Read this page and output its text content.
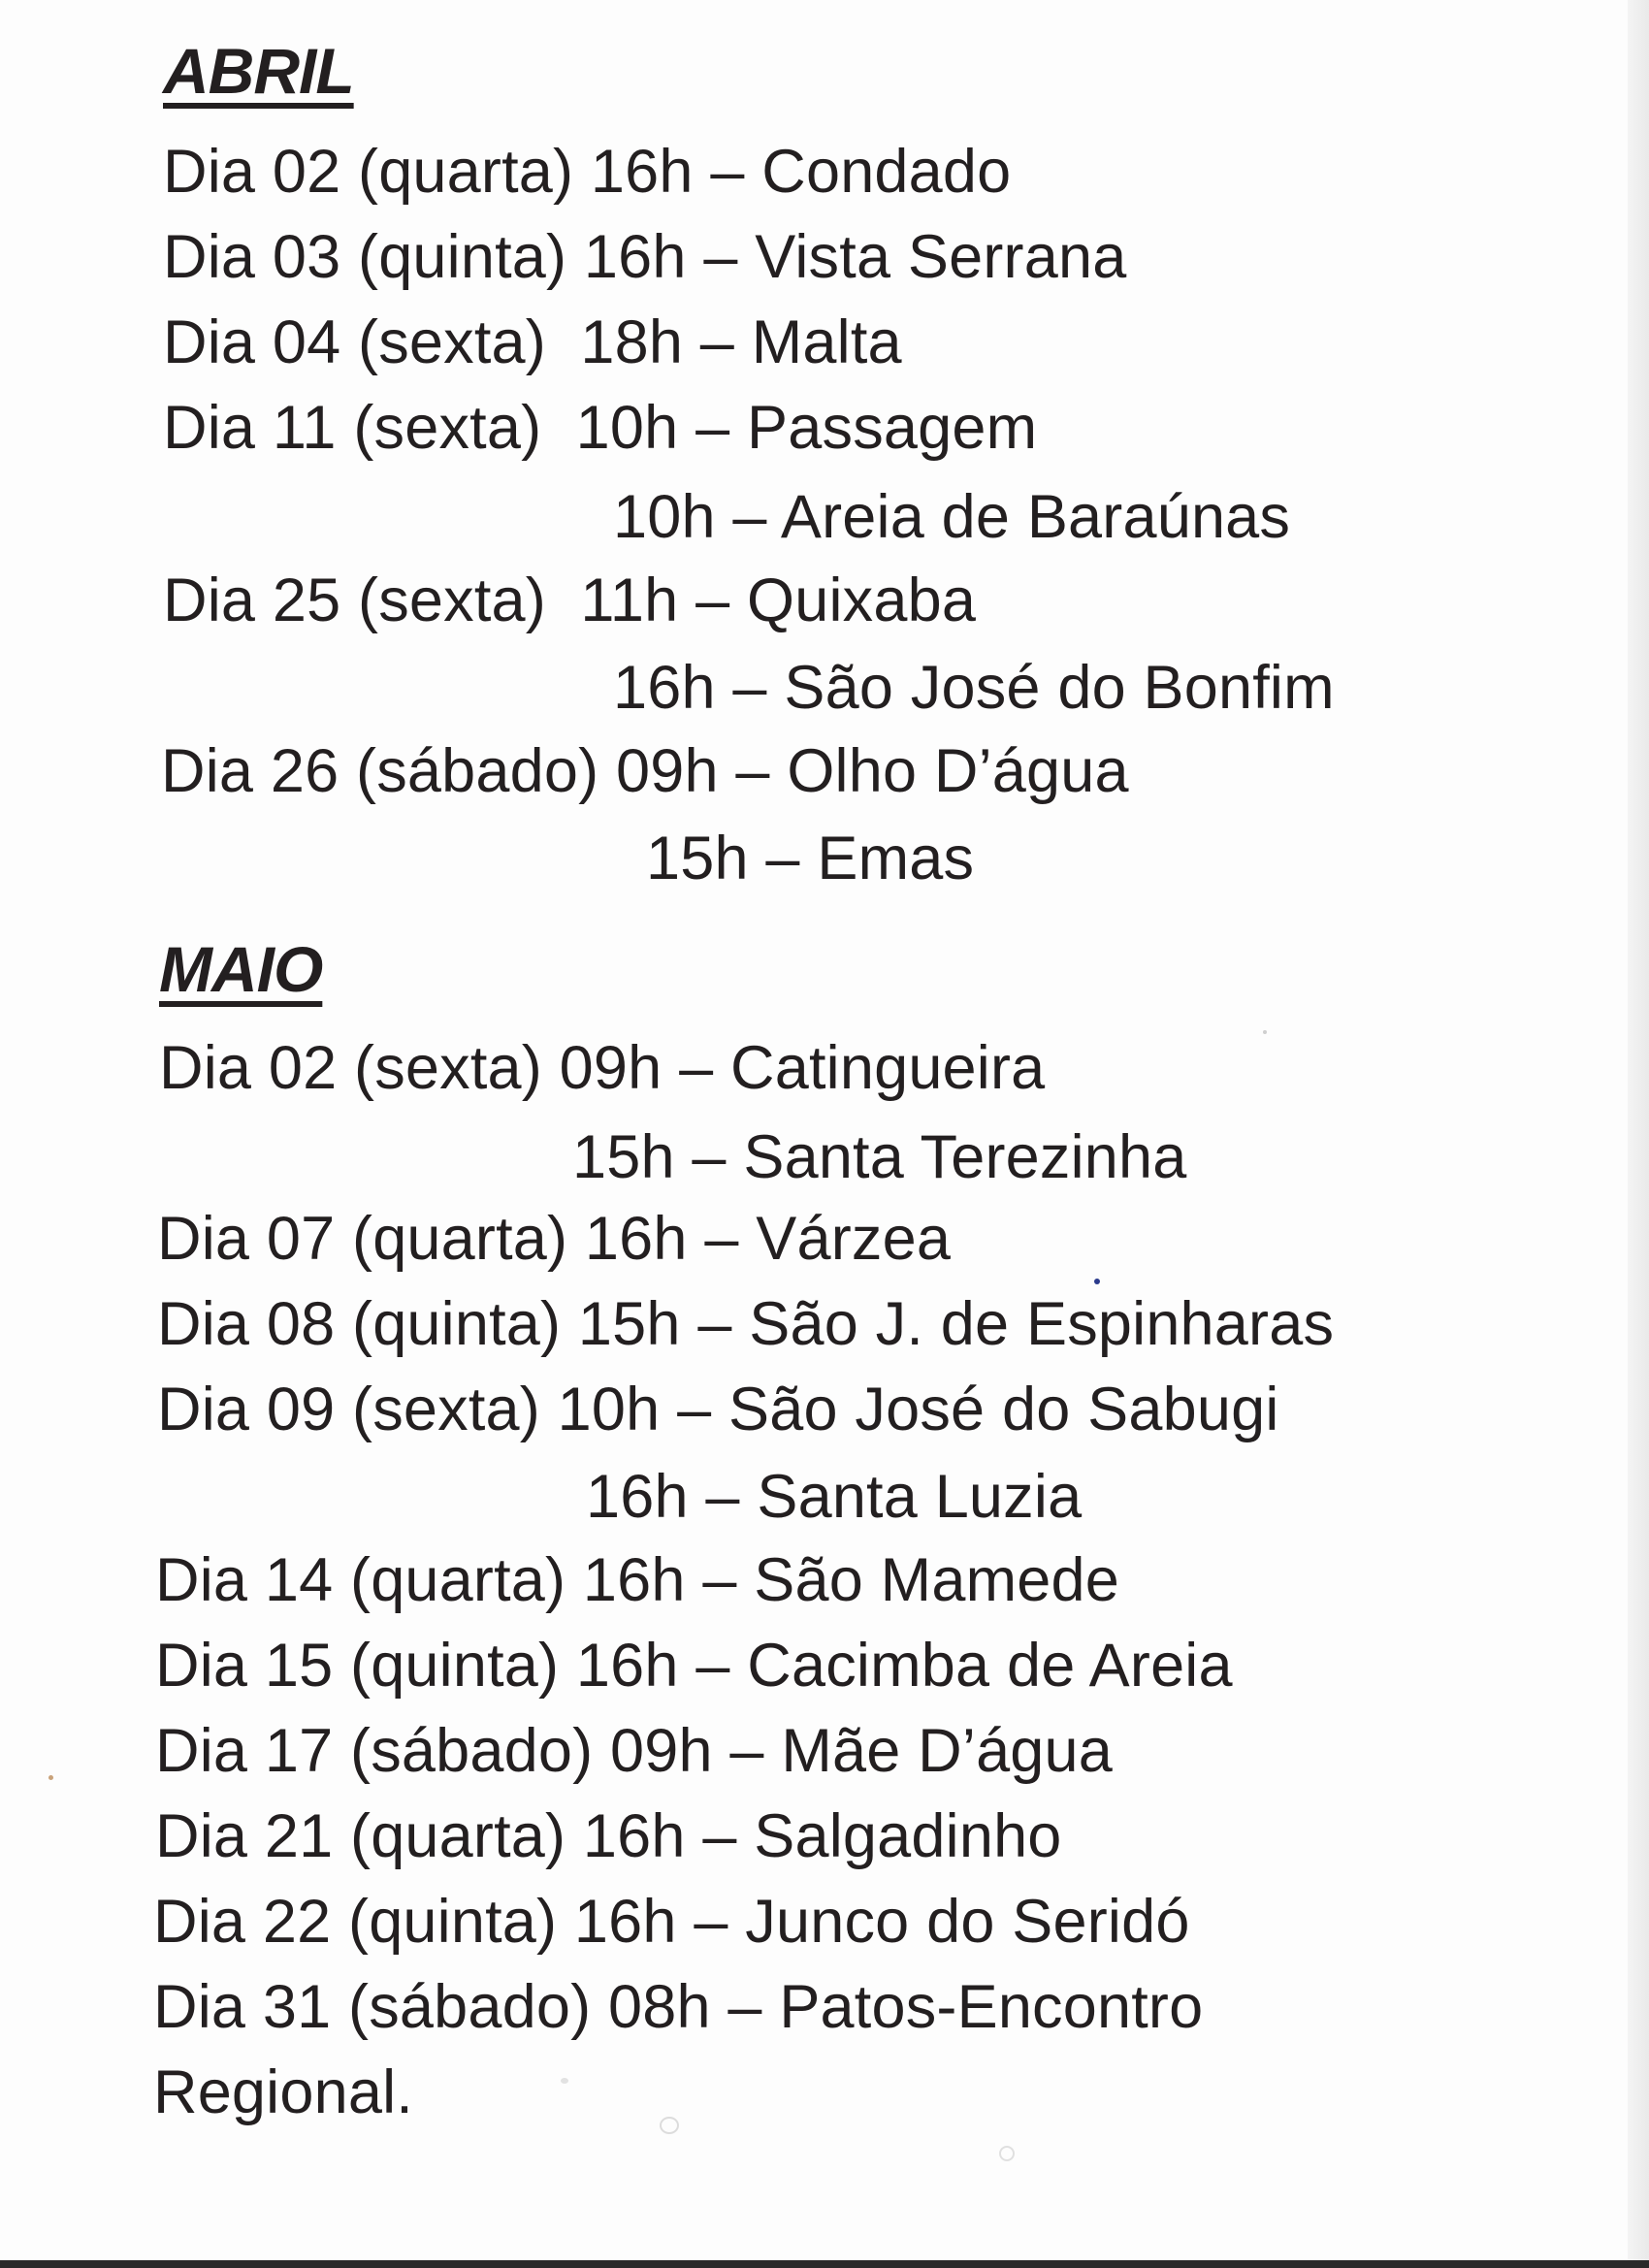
ABRIL
Dia 02 (quarta) 16h – Condado
Dia 03 (quinta) 16h – Vista Serrana
Dia 04 (sexta)  18h – Malta
Dia 11 (sexta)  10h – Passagem
10h – Areia de Baraúnas
Dia 25 (sexta)  11h – Quixaba
16h – São José do Bonfim
Dia 26 (sábado) 09h – Olho D’água
15h – Emas
MAIO
Dia 02 (sexta) 09h – Catingueira
15h – Santa Terezinha
Dia 07 (quarta) 16h – Várzea
Dia 08 (quinta) 15h – São J. de Espinharas
Dia 09 (sexta) 10h – São José do Sabugi
16h – Santa Luzia
Dia 14 (quarta) 16h – São Mamede
Dia 15 (quinta) 16h – Cacimba de Areia
Dia 17 (sábado) 09h – Mãe D’água
Dia 21 (quarta) 16h – Salgadinho
Dia 22 (quinta) 16h – Junco do Seridó
Dia 31 (sábado) 08h – Patos-Encontro
Regional.
